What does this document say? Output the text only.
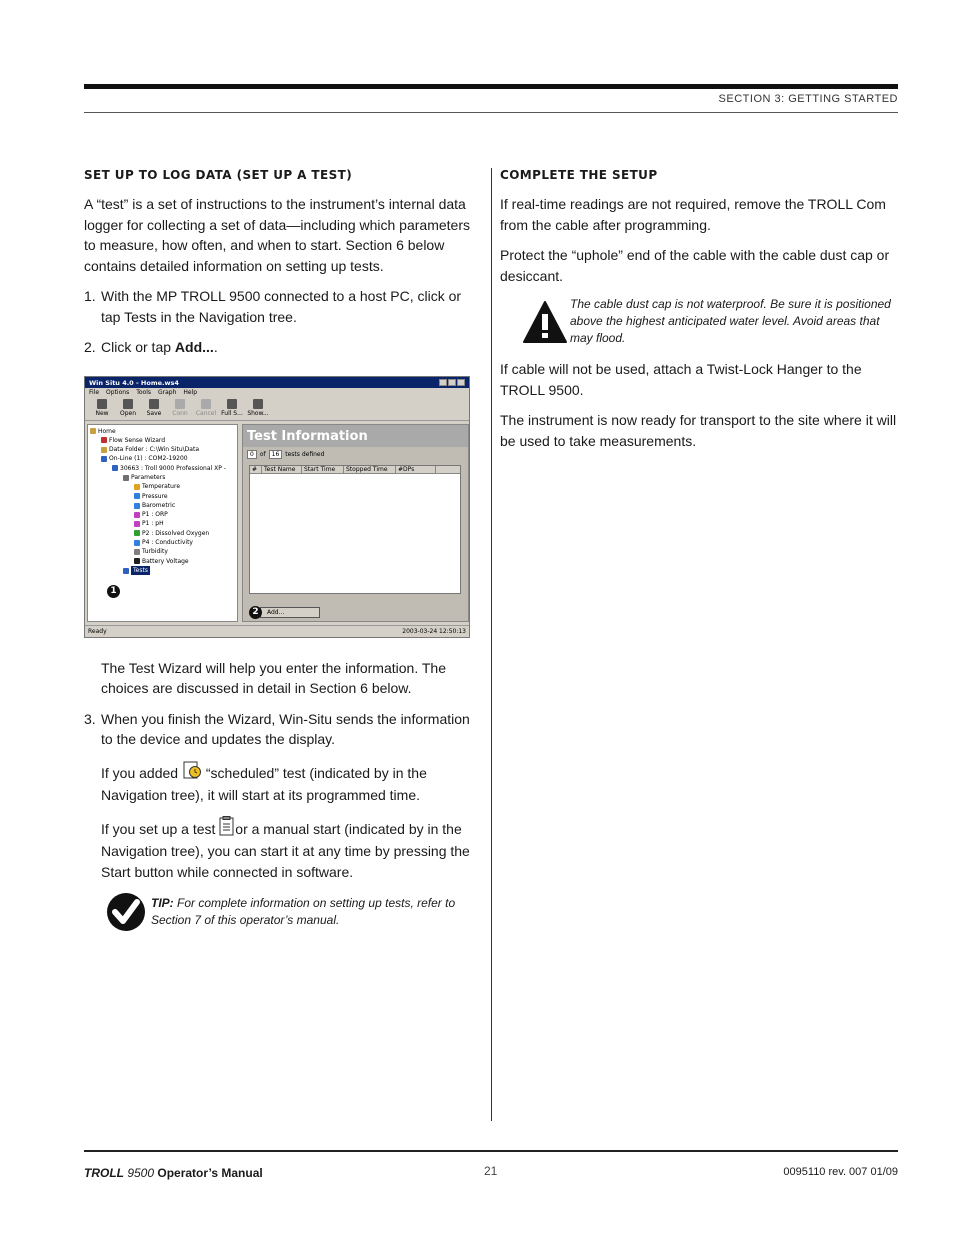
SECTION 3: GETTING STARTED
SET UP TO LOG DATA (SET UP A TEST)

A “test” is a set of instructions to the instrument’s internal data logger for collecting a set of data—including which parameters to measure, how often, and when to start. Section 6 below contains detailed information on setting up tests.

1. With the MP TROLL 9500 connected to a host PC, click or tap Tests in the Navigation tree.
2. Click or tap Add....
Win Situ 4.0 - Home.ws4
File Options Tools Graph Help
New Open Save Conn Cancel Full S... Show...
Home
Flow Sense Wizard
Data Folder : C:\Win Situ\Data
On-Line (1) : COM2-19200
30663 : Troll 9000 Professional XP -
Parameters
Temperature
Pressure
Barometric
P1 : ORP
P1 : pH
P2 : Dissolved Oxygen
P4 : Conductivity
Turbidity
Battery Voltage
Tests
Test Information
0	of	16	tests defined
#	Test Name	Start Time	Stopped Time	#DPs
Add...
2
1
Ready	2003-03-24 12:50:13

The Test Wizard will help you enter the information. The choices are discussed in detail in Section 6 below.

3. When you finish the Wizard, Win-Situ sends the information to the device and updates the display.

If you added  “scheduled” test (indicated by in the Navigation tree), it will start at its programmed time.

If you set up a test or a manual start (indicated by in the Navigation tree), you can start it at any time by pressing the Start button while connected in software.

TIP: For complete information on setting up tests, refer to Section 7 of this operator’s manual.
COMPLETE THE SETUP

If real-time readings are not required, remove the TROLL Com from the cable after programming.

Protect the “uphole” end of the cable with the cable dust cap or desiccant.

The cable dust cap is not waterproof. Be sure it is positioned above the highest anticipated water level. Avoid areas that may flood.

If cable will not be used, attach a Twist-Lock Hanger to the TROLL 9500.

The instrument is now ready for transport to the site where it will be used to take measurements.

TROLL 9500 Operator’s Manual	21	0095110 rev. 007 01/09
